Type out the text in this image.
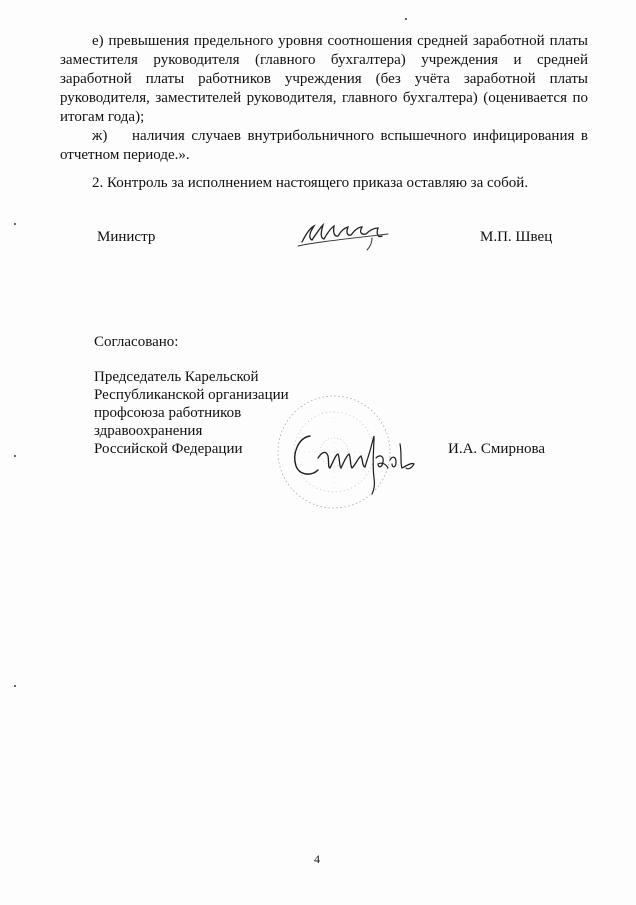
е) превышения предельного уровня соотношения средней заработной платы заместителя руководителя (главного бухгалтера) учреждения и средней заработной платы работников учреждения (без учёта заработной платы руководителя, заместителей руководителя, главного бухгалтера) (оценивается по итогам года);

ж) наличия случаев внутрибольничного вспышечного инфицирования в отчетном периоде.».

2. Контроль за исполнением настоящего приказа оставляю за собой.
Министр	М.П. Швец
Согласовано:
Председатель Карельской
Республиканской организации
профсоюза работников
здравоохранения
Российской Федерации	И.А. Смирнова
4
